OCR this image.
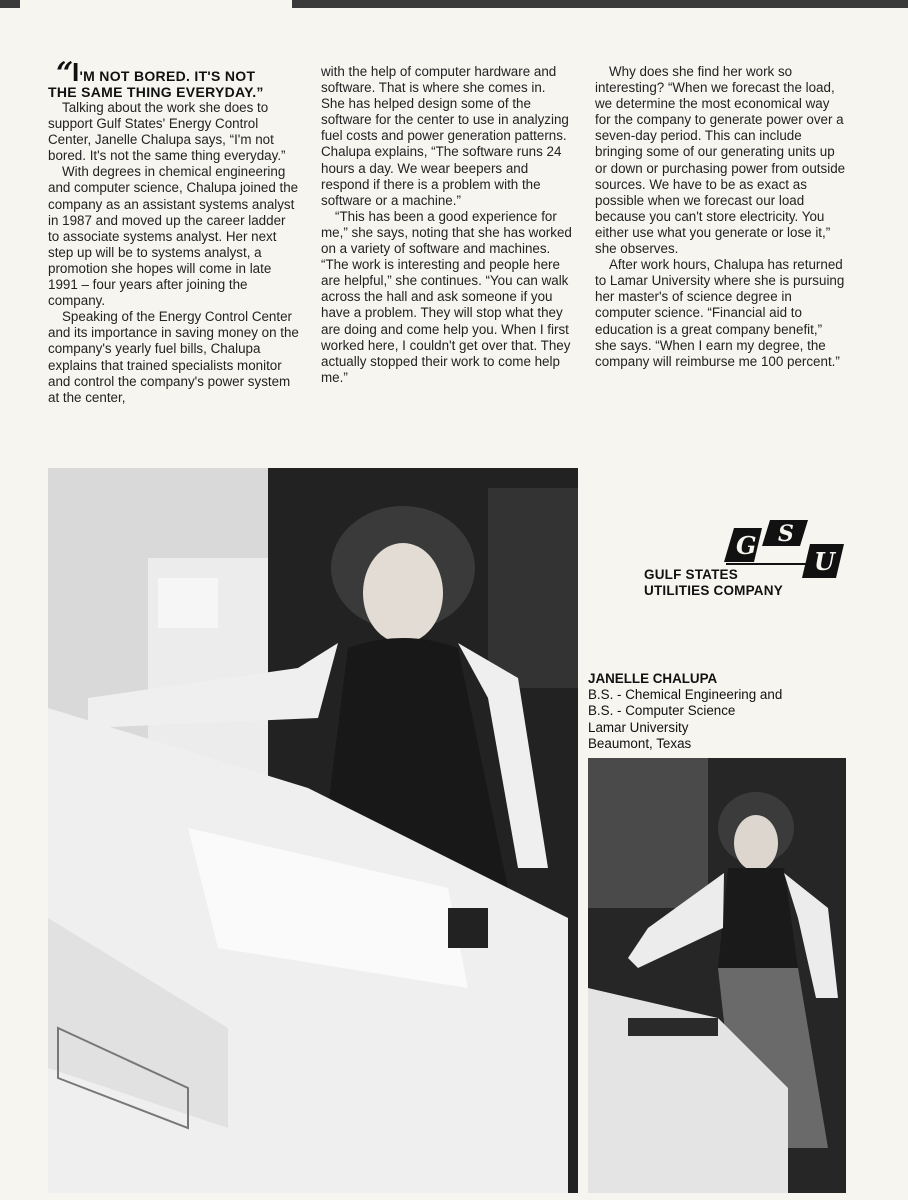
“
I'M NOT BORED. IT'S NOT
THE SAME THING EVERYDAY.”

Talking about the work she does to support Gulf States' Energy Control Center, Janelle Chalupa says, “I'm not bored. It's not the same thing everyday.”

With degrees in chemical engineering and computer science, Chalupa joined the company as an assistant systems analyst in 1987 and moved up the career ladder to associate systems analyst. Her next step up will be to systems analyst, a promotion she hopes will come in late 1991 – four years after joining the company.

Speaking of the Energy Control Center and its importance in saving money on the company's yearly fuel bills, Chalupa explains that trained specialists monitor and control the company's power system at the center,

with the help of computer hardware and software. That is where she comes in. She has helped design some of the software for the center to use in analyzing fuel costs and power generation patterns. Chalupa explains, “The software runs 24 hours a day. We wear beepers and respond if there is a problem with the software or a machine.”

“This has been a good experience for me,” she says, noting that she has worked on a variety of software and machines. “The work is interesting and people here are helpful,” she continues. “You can walk across the hall and ask someone if you have a problem. They will stop what they are doing and come help you. When I first worked here, I couldn't get over that. They actually stopped their work to come help me.”

Why does she find her work so interesting? “When we forecast the load, we determine the most economical way for the company to generate power over a seven-day period. This can include bringing some of our generating units up or down or purchasing power from outside sources. We have to be as exact as possible when we forecast our load because you can't store electricity. You either use what you generate or lose it,” she observes.

After work hours, Chalupa has returned to Lamar University where she is pursuing her master's of science degree in computer science. “Financial aid to education is a great company benefit,” she says. “When I earn my degree, the company will reimburse me 100 percent.”

G S
U
GULF STATES
UTILITIES COMPANY
JANELLE CHALUPA
B.S. - Chemical Engineering and
B.S. - Computer Science
Lamar University
Beaumont, Texas
